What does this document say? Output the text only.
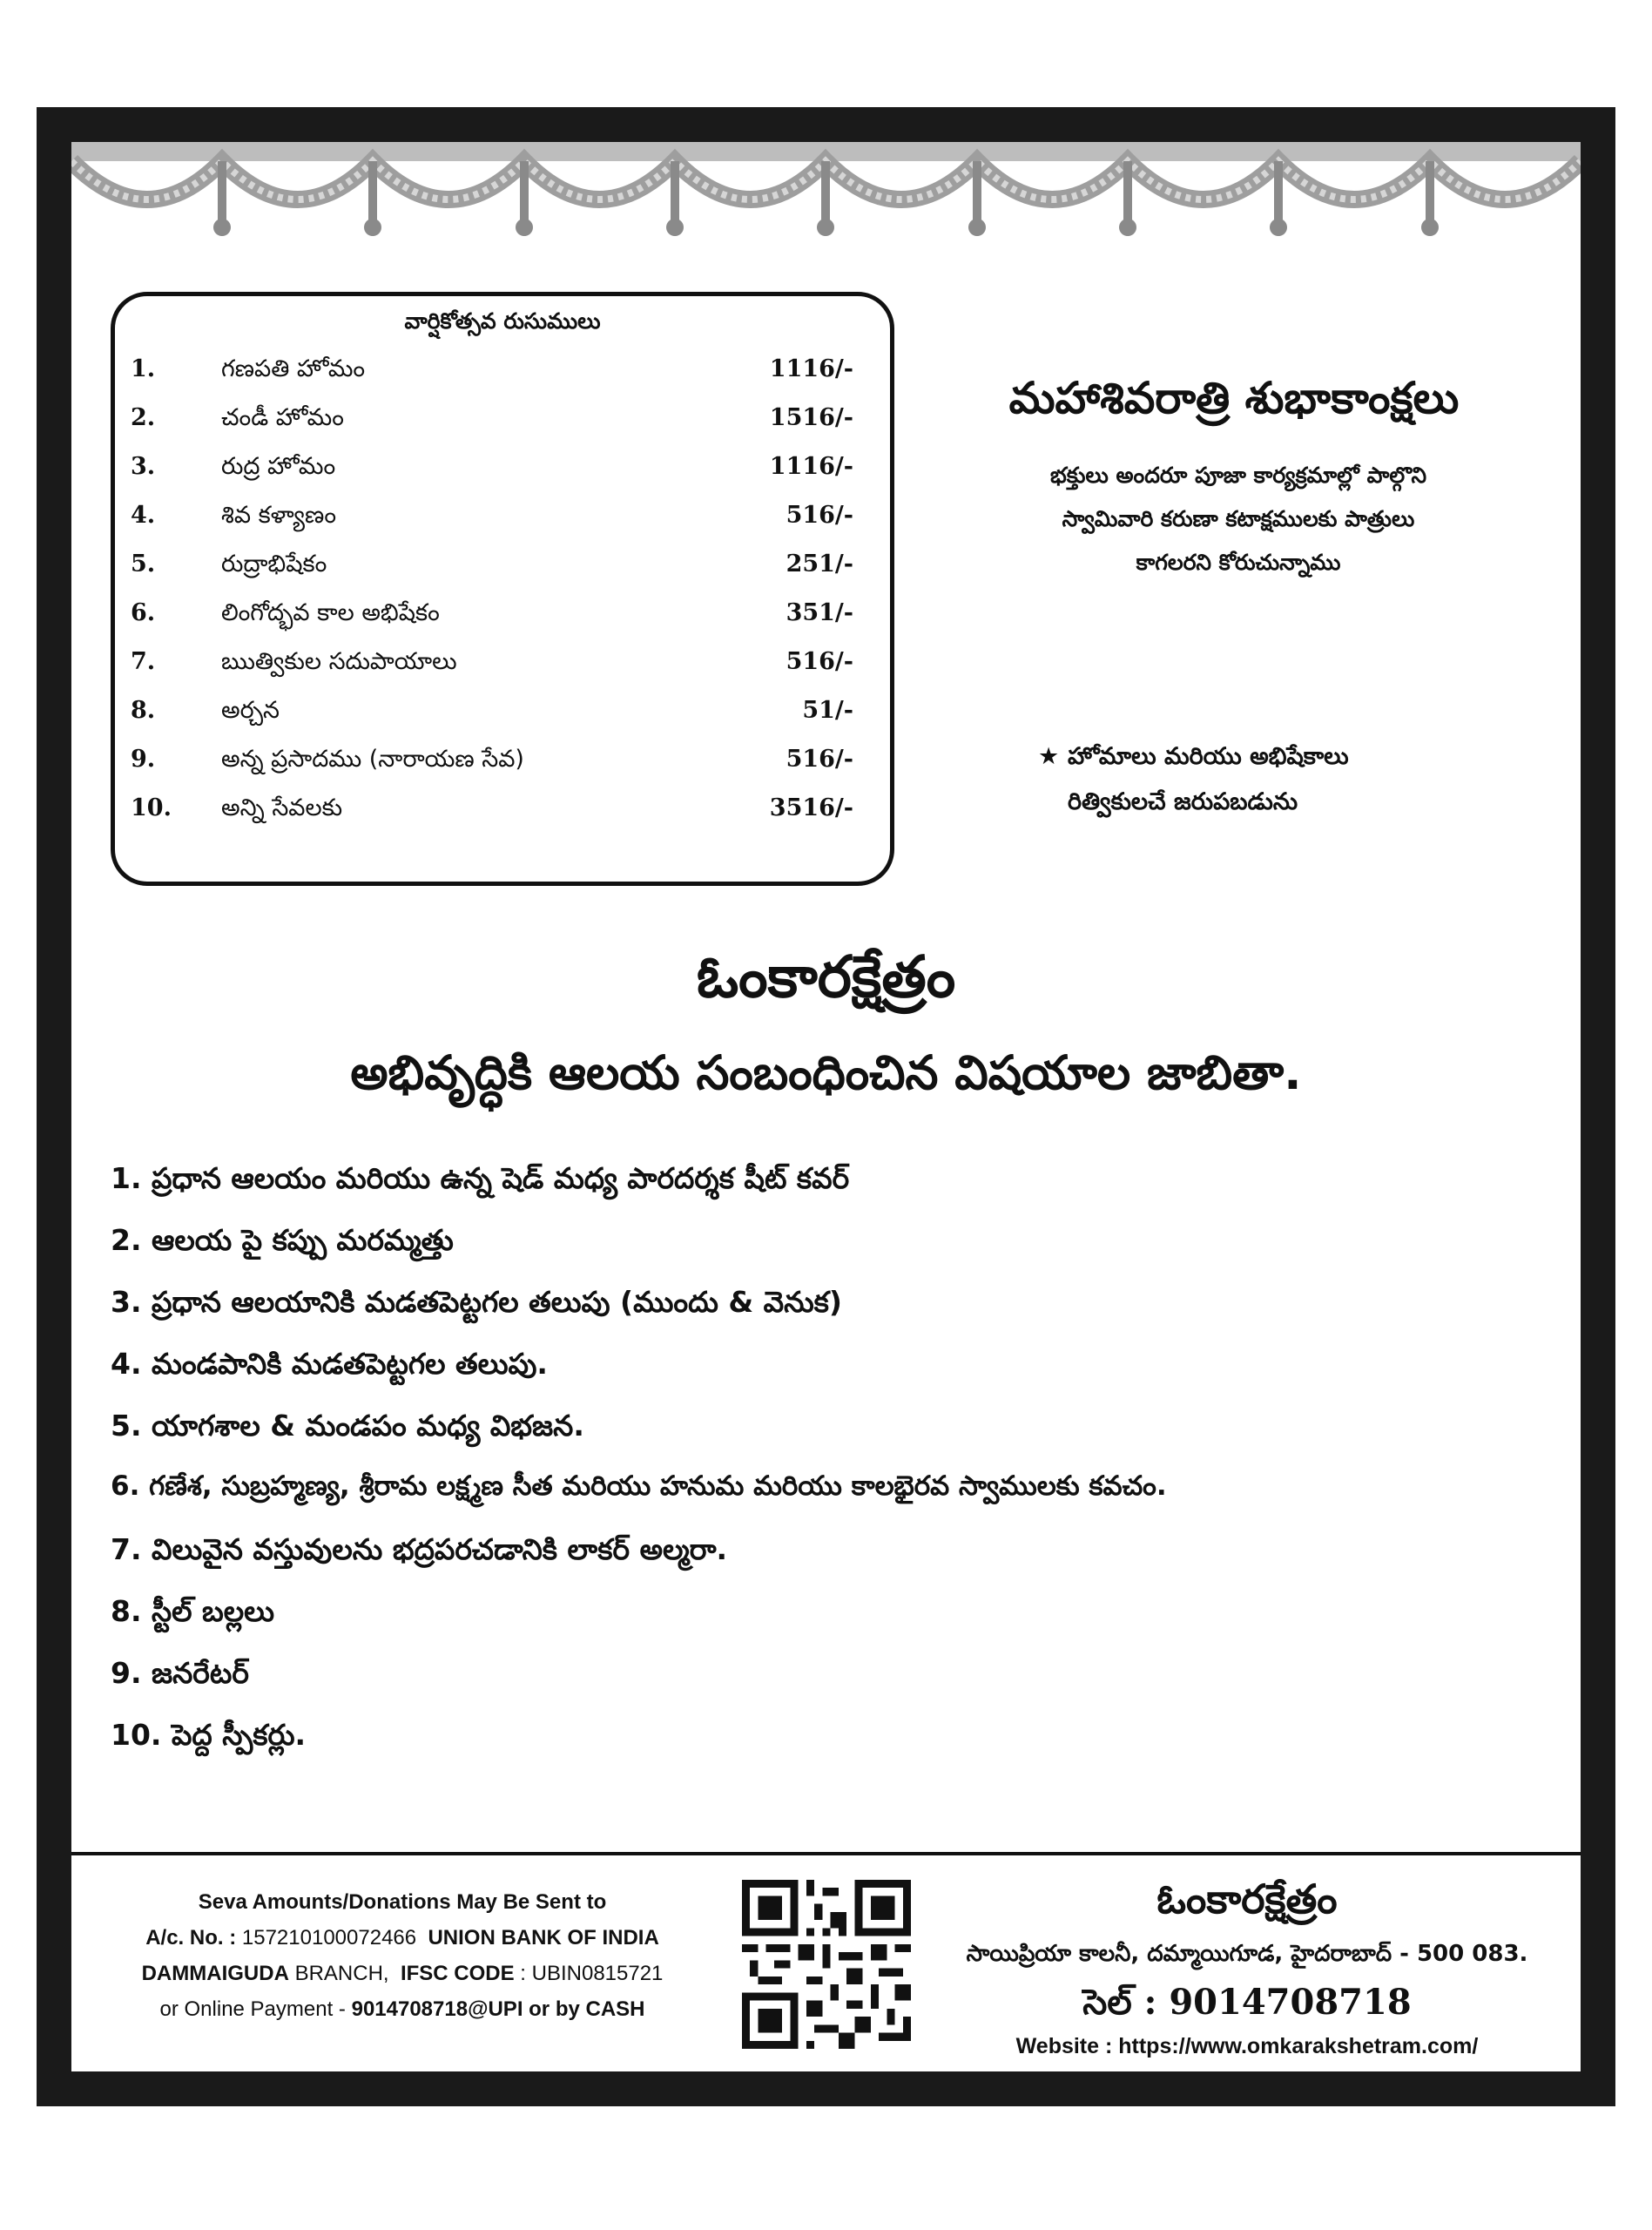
వార్షికోత్సవ రుసుములు
1.	గణపతి హోమం	1116/-
2.	చండీ హోమం	1516/-
3.	రుద్ర హోమం	1116/-
4.	శివ కళ్యాణం	516/-
5.	రుద్రాభిషేకం	251/-
6.	లింగోద్భవ కాల అభిషేకం	351/-
7.	ఋత్వికుల సదుపాయాలు	516/-
8.	అర్చన	51/-
9.	అన్న ప్రసాదము (నారాయణ సేవ)	516/-
10. అన్ని సేవలకు	3516/-
మహాశివరాత్రి శుభాకాంక్షలు
భక్తులు అందరూ పూజా కార్యక్రమాల్లో పాల్గొని
స్వామివారి కరుణా కటాక్షములకు పాత్రులు
కాగలరని కోరుచున్నాము
★ హోమాలు మరియు అభిషేకాలు
రిత్వికులచే జరుపబడును
ఓంకారక్షేత్రం
అభివృద్ధికి ఆలయ సంబంధించిన విషయాల జాబితా.
1. ప్రధాన ఆలయం మరియు ఉన్న షెడ్ మధ్య పారదర్శక షీట్ కవర్
2. ఆలయ పై కప్పు మరమ్మత్తు
3. ప్రధాన ఆలయానికి మడతపెట్టగల తలుపు (ముందు & వెనుక)
4. మండపానికి మడతపెట్టగల తలుపు.
5. యాగశాల & మండపం మధ్య విభజన.
6. గణేశ, సుబ్రహ్మణ్య, శ్రీరామ లక్ష్మణ సీత మరియు హనుమ మరియు కాలభైరవ స్వాములకు కవచం.
7. విలువైన వస్తువులను భద్రపరచడానికి లాకర్ అల్మరా.
8. స్టీల్ బల్లలు
9. జనరేటర్
10. పెద్ద స్పీకర్లు.
Seva Amounts/Donations May Be Sent to
A/c. No. : 157210100072466 UNION BANK OF INDIA
DAMMAIGUDA BRANCH, IFSC CODE : UBIN0815721
or Online Payment - 9014708718@UPI or by CASH
ఓంకారక్షేత్రం
సాయిప్రియా కాలనీ, దమ్మాయిగూడ, హైదరాబాద్ - 500 083.
సెల్ : 9014708718
Website : https://www.omkarakshetram.com/
